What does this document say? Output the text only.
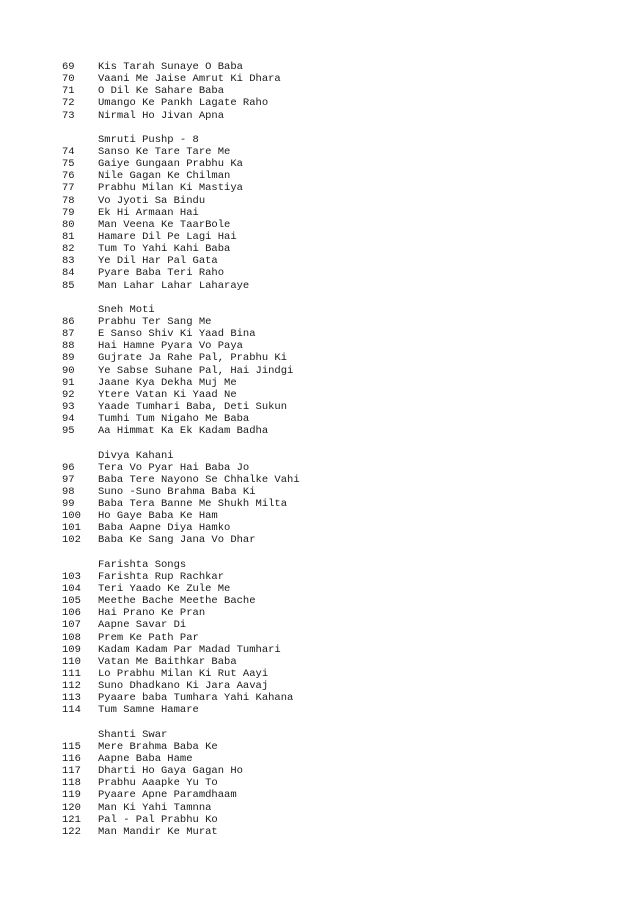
69	Kis Tarah Sunaye O Baba
70	Vaani Me Jaise Amrut Ki Dhara
71	O Dil Ke Sahare Baba
72	Umango Ke Pankh Lagate Raho
73	Nirmal Ho Jivan Apna
Smruti Pushp - 8
74	Sanso Ke Tare Tare Me
75	Gaiye Gungaan Prabhu Ka
76	Nile Gagan Ke Chilman
77	Prabhu Milan Ki Mastiya
78	Vo Jyoti Sa Bindu
79	Ek Hi Armaan Hai
80	Man Veena Ke TaarBole
81	Hamare Dil Pe Lagi Hai
82	Tum To Yahi Kahi Baba
83	Ye Dil Har Pal Gata
84	Pyare Baba Teri Raho
85	Man Lahar Lahar Laharaye
Sneh Moti
86	Prabhu Ter Sang Me
87	E Sanso Shiv Ki Yaad Bina
88	Hai Hamne Pyara Vo Paya
89	Gujrate Ja Rahe Pal, Prabhu Ki
90	Ye Sabse Suhane Pal, Hai Jindgi
91	Jaane Kya Dekha Muj Me
92	Ytere Vatan Ki Yaad Ne
93	Yaade Tumhari Baba, Deti Sukun
94	Tumhi Tum Nigaho Me Baba
95	Aa Himmat Ka Ek Kadam Badha
Divya Kahani
96	Tera Vo Pyar Hai Baba Jo
97	Baba Tere Nayono Se Chhalke Vahi
98	Suno -Suno Brahma Baba Ki
99	Baba Tera Banne Me Shukh Milta
100	Ho Gaye Baba Ke Ham
101	Baba Aapne Diya Hamko
102	Baba Ke Sang Jana Vo Dhar
Farishta Songs
103	Farishta Rup Rachkar
104	Teri Yaado Ke Zule Me
105	Meethe Bache Meethe Bache
106	Hai Prano Ke Pran
107	Aapne Savar Di
108	Prem Ke Path Par
109	Kadam Kadam Par Madad Tumhari
110	Vatan Me Baithkar Baba
111	Lo Prabhu Milan Ki Rut Aayi
112	Suno Dhadkano Ki Jara Aavaj
113	Pyaare baba Tumhara Yahi Kahana
114	Tum Samne Hamare
Shanti Swar
115	Mere Brahma Baba Ke
116	Aapne Baba Hame
117	Dharti Ho Gaya Gagan Ho
118	Prabhu Aaapke Yu To
119	Pyaare Apne Paramdhaam
120	Man Ki Yahi Tamnna
121	Pal - Pal Prabhu Ko
122	Man Mandir Ke Murat
